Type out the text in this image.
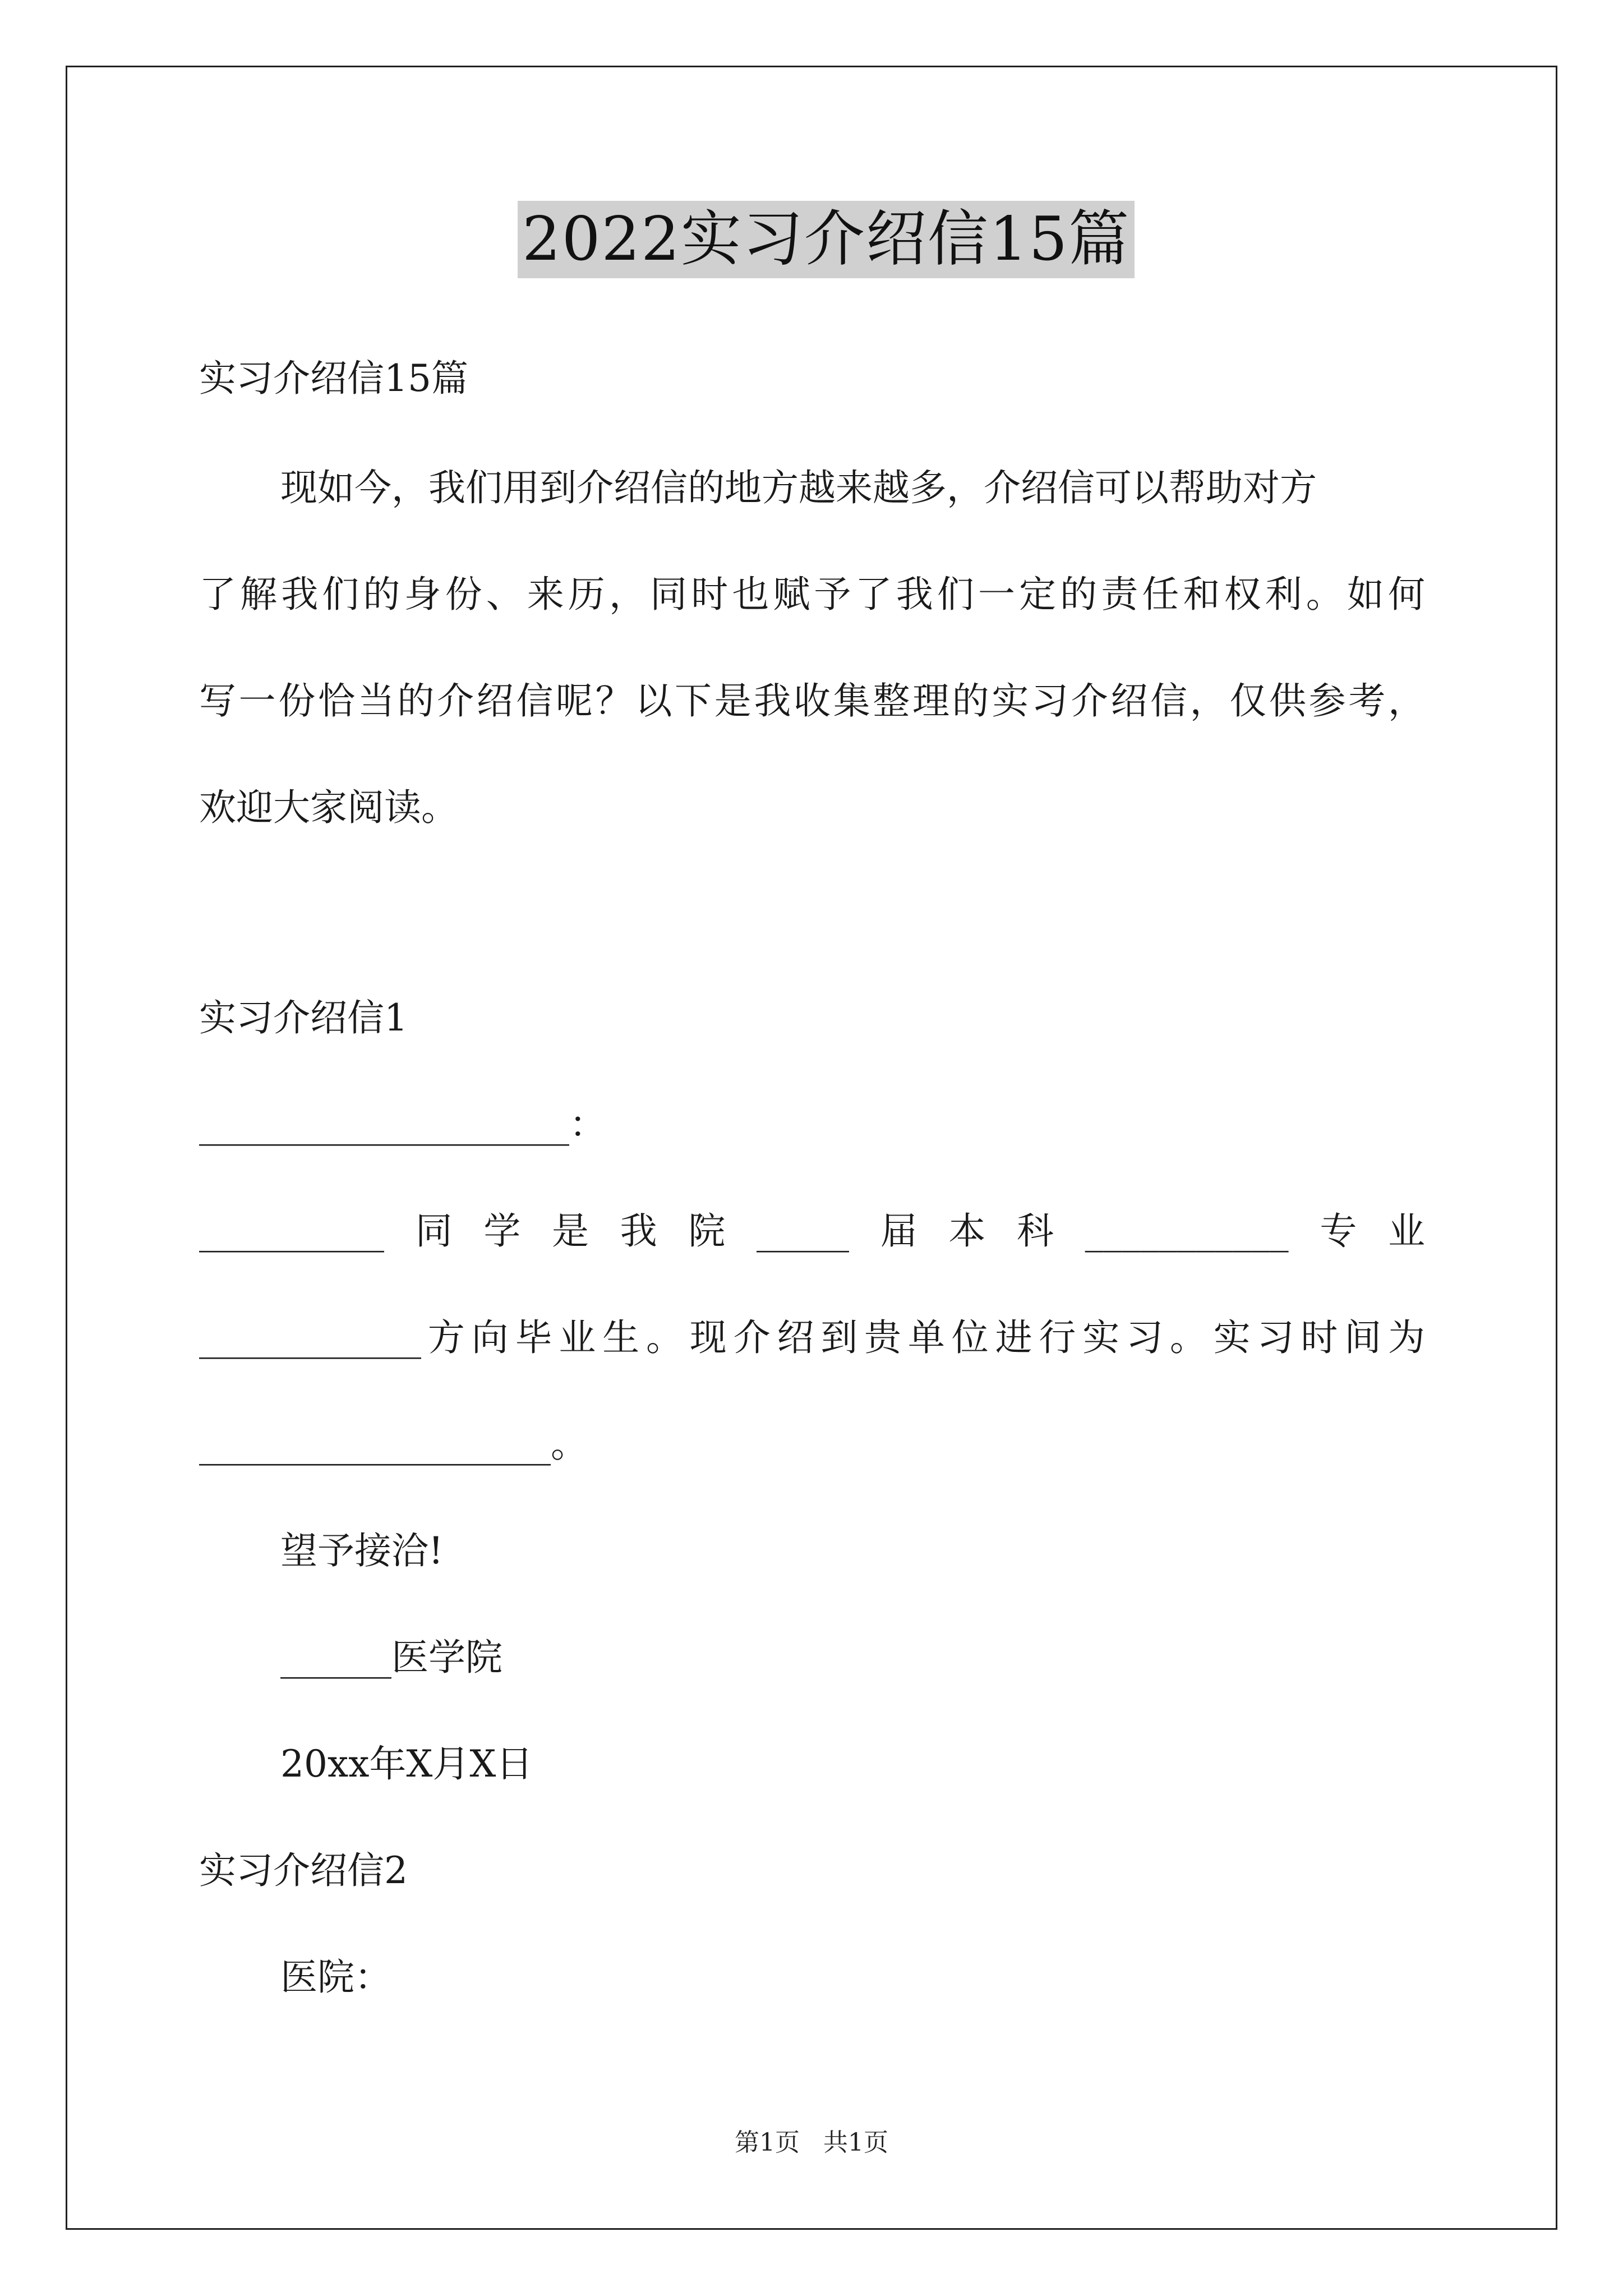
2022实习介绍信15篇
实习介绍信15篇
现如今，我们用到介绍信的地方越来越多，介绍信可以帮助对方
了解我们的身份、来历，同时也赋予了我们一定的责任和权利。如何
写一份恰当的介绍信呢？以下是我收集整理的实习介绍信，仅供参考，
欢迎大家阅读。
实习介绍信1
____________________：
__________同学是我院_____届本科___________专业
____________方向毕业生。现介绍到贵单位进行实习。实习时间为
___________________。
望予接洽!
______医学院
20xx年X月X日
实习介绍信2
医院：
第1页   共1页
